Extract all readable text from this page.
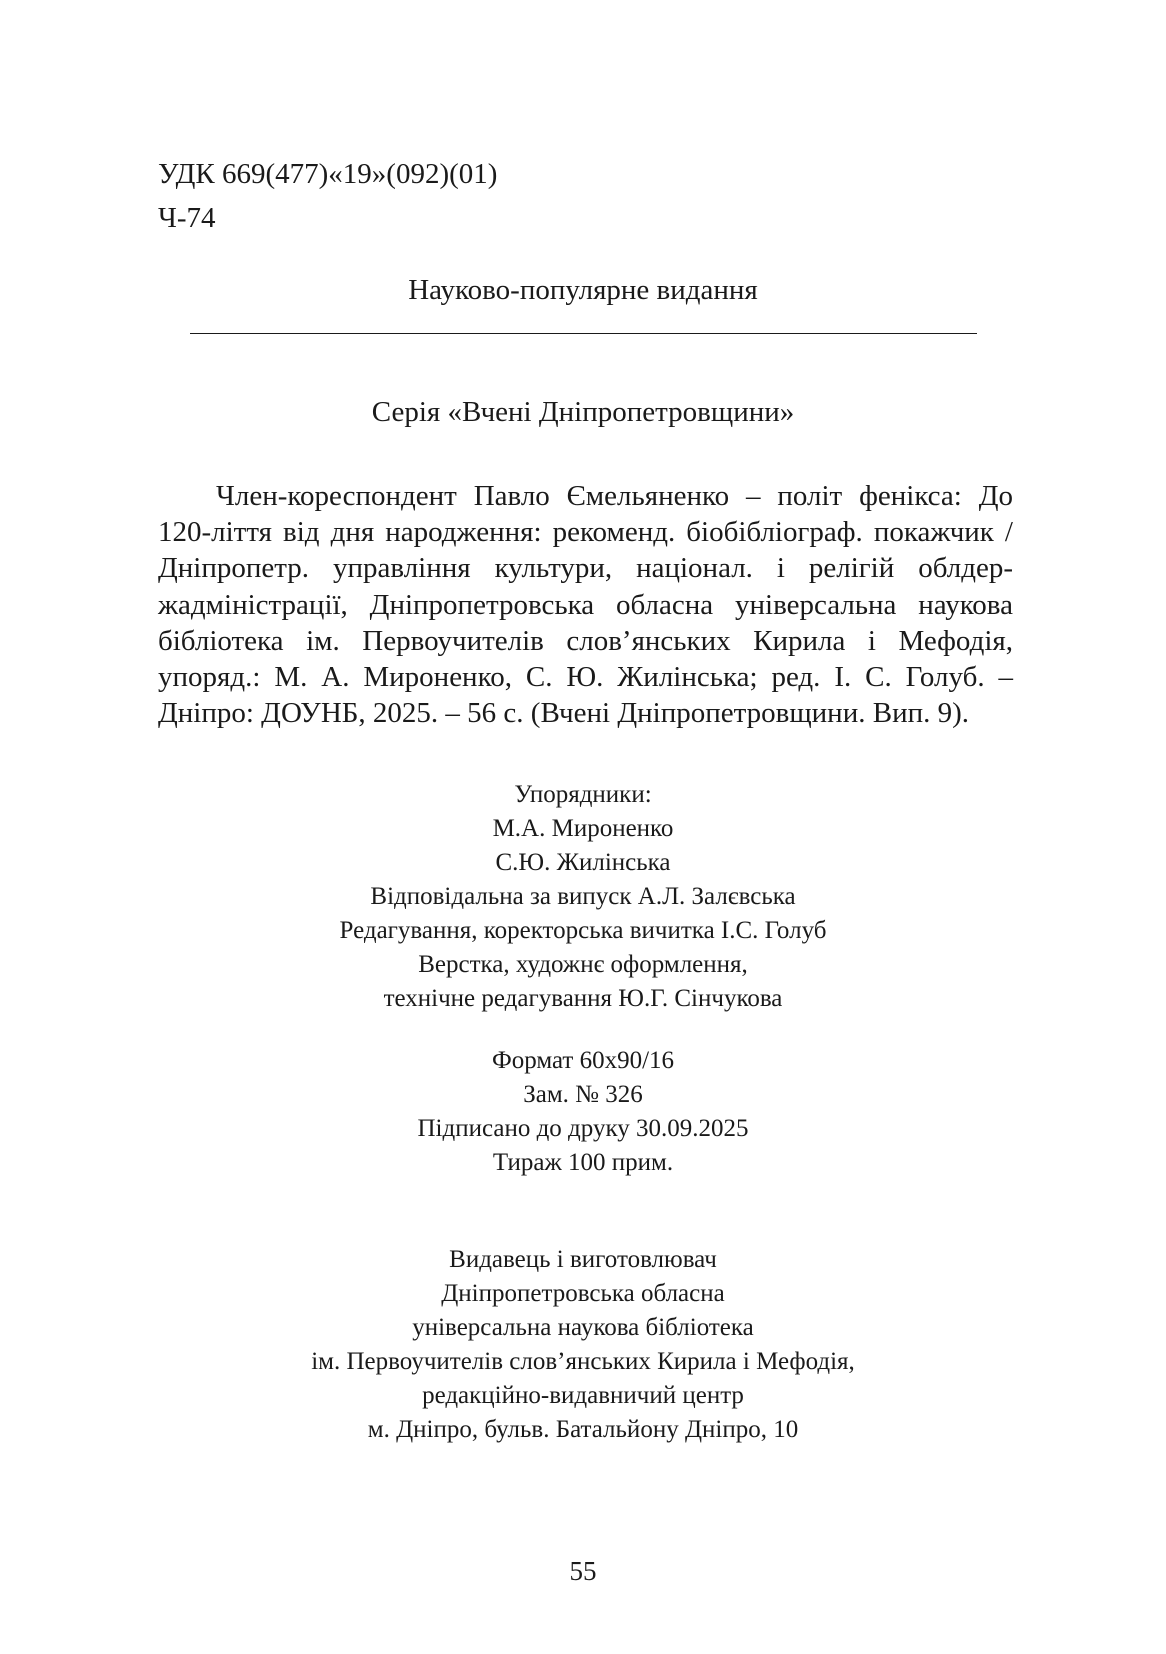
УДК 669(477)«19»(092)(01)
Ч-74
Науково-популярне видання
Серія «Вчені Дніпропетровщини»
Член-кореспондент Павло Ємельяненко – політ фенікса: До 120-ліття від дня народження: рекоменд. біобібліограф. покажчик / Дніпропетр. управління культури, націонал. і релігій облдер-жадміністрації, Дніпропетровська обласна універсальна наукова бібліотека ім. Первоучителів слов’янських Кирила і Мефодія, упоряд.: М. А. Мироненко, С. Ю. Жилінська; ред. І. С. Голуб. – Дніпро: ДОУНБ, 2025. – 56 с. (Вчені Дніпропетровщини. Вип. 9).
Упорядники:
М.А. Мироненко
С.Ю. Жилінська
Відповідальна за випуск А.Л. Залєвська
Редагування, коректорська вичитка І.С. Голуб
Верстка, художнє оформлення,
технічне редагування Ю.Г. Сінчукова
Формат 60х90/16
Зам. № 326
Підписано до друку 30.09.2025
Тираж 100 прим.
Видавець і виготовлювач
Дніпропетровська обласна
універсальна наукова бібліотека
ім. Первоучителів слов’янських Кирила і Мефодія,
редакційно-видавничий центр
м. Дніпро, бульв. Батальйону Дніпро, 10
55
